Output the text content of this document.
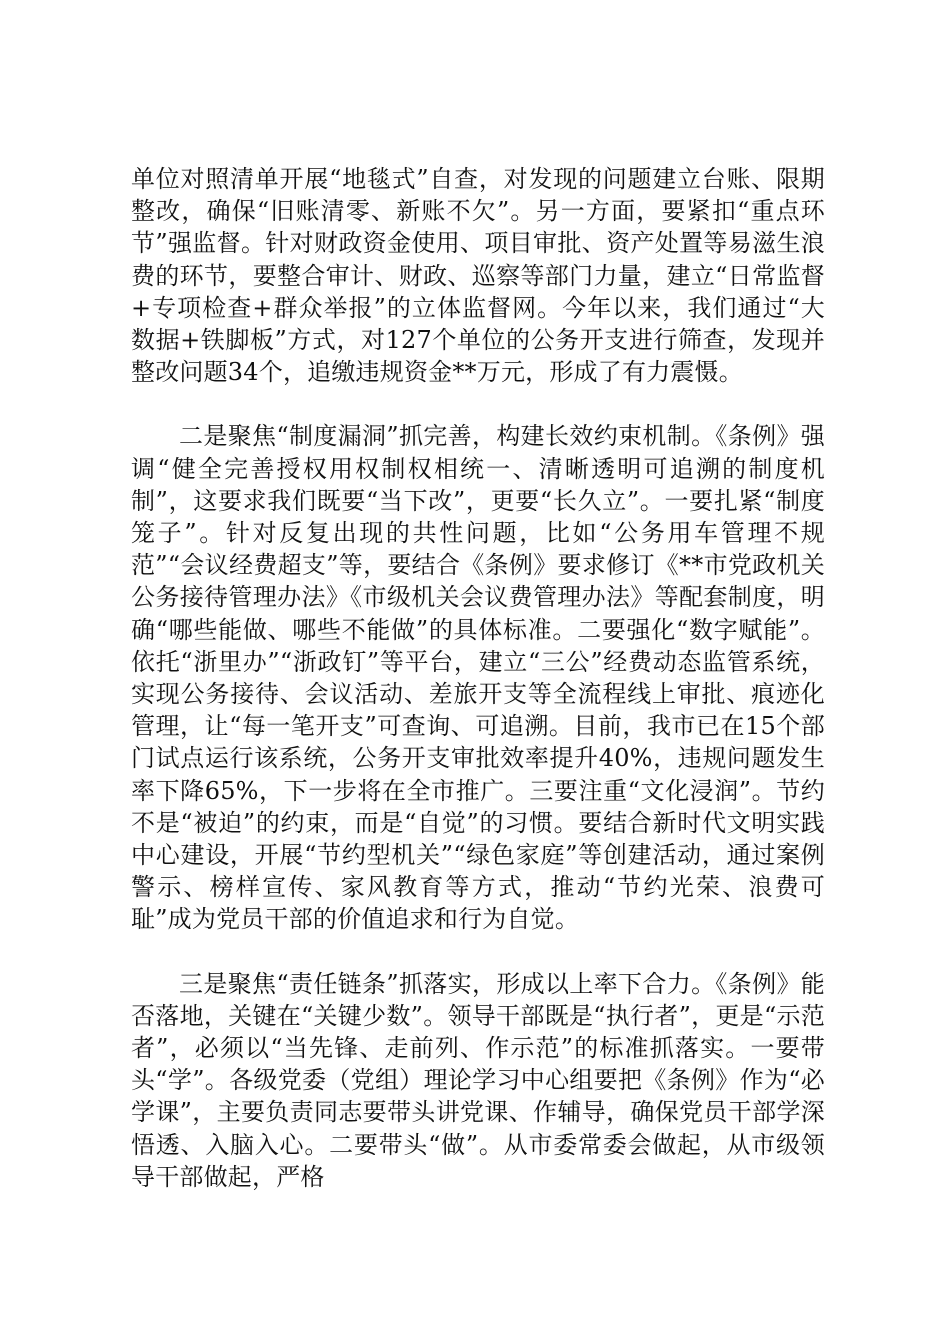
单位对照清单开展“地毯式”自查，对发现的问题建立台账、限期整改，确保“旧账清零、新账不欠”。另一方面，要紧扣“重点环节”强监督。针对财政资金使用、项目审批、资产处置等易滋生浪费的环节，要整合审计、财政、巡察等部门力量，建立“日常监督+专项检查+群众举报”的立体监督网。今年以来，我们通过“大数据+铁脚板”方式，对127个单位的公务开支进行筛查，发现并整改问题34个，追缴违规资金**万元，形成了有力震慑。

二是聚焦“制度漏洞”抓完善，构建长效约束机制。《条例》强调“健全完善授权用权制权相统一、清晰透明可追溯的制度机制”，这要求我们既要“当下改”，更要“长久立”。一要扎紧“制度笼子”。针对反复出现的共性问题，比如“公务用车管理不规范”“会议经费超支”等，要结合《条例》要求修订《**市党政机关公务接待管理办法》《市级机关会议费管理办法》等配套制度，明确“哪些能做、哪些不能做”的具体标准。二要强化“数字赋能”。依托“浙里办”“浙政钉”等平台，建立“三公”经费动态监管系统，实现公务接待、会议活动、差旅开支等全流程线上审批、痕迹化管理，让“每一笔开支”可查询、可追溯。目前，我市已在15个部门试点运行该系统，公务开支审批效率提升40%，违规问题发生率下降65%，下一步将在全市推广。三要注重“文化浸润”。节约不是“被迫”的约束，而是“自觉”的习惯。要结合新时代文明实践中心建设，开展“节约型机关”“绿色家庭”等创建活动，通过案例警示、榜样宣传、家风教育等方式，推动“节约光荣、浪费可耻”成为党员干部的价值追求和行为自觉。

三是聚焦“责任链条”抓落实，形成以上率下合力。《条例》能否落地，关键在“关键少数”。领导干部既是“执行者”，更是“示范者”，必须以“当先锋、走前列、作示范”的标准抓落实。一要带头“学”。各级党委（党组）理论学习中心组要把《条例》作为“必学课”，主要负责同志要带头讲党课、作辅导，确保党员干部学深悟透、入脑入心。二要带头“做”。从市委常委会做起，从市级领导干部做起，严格
